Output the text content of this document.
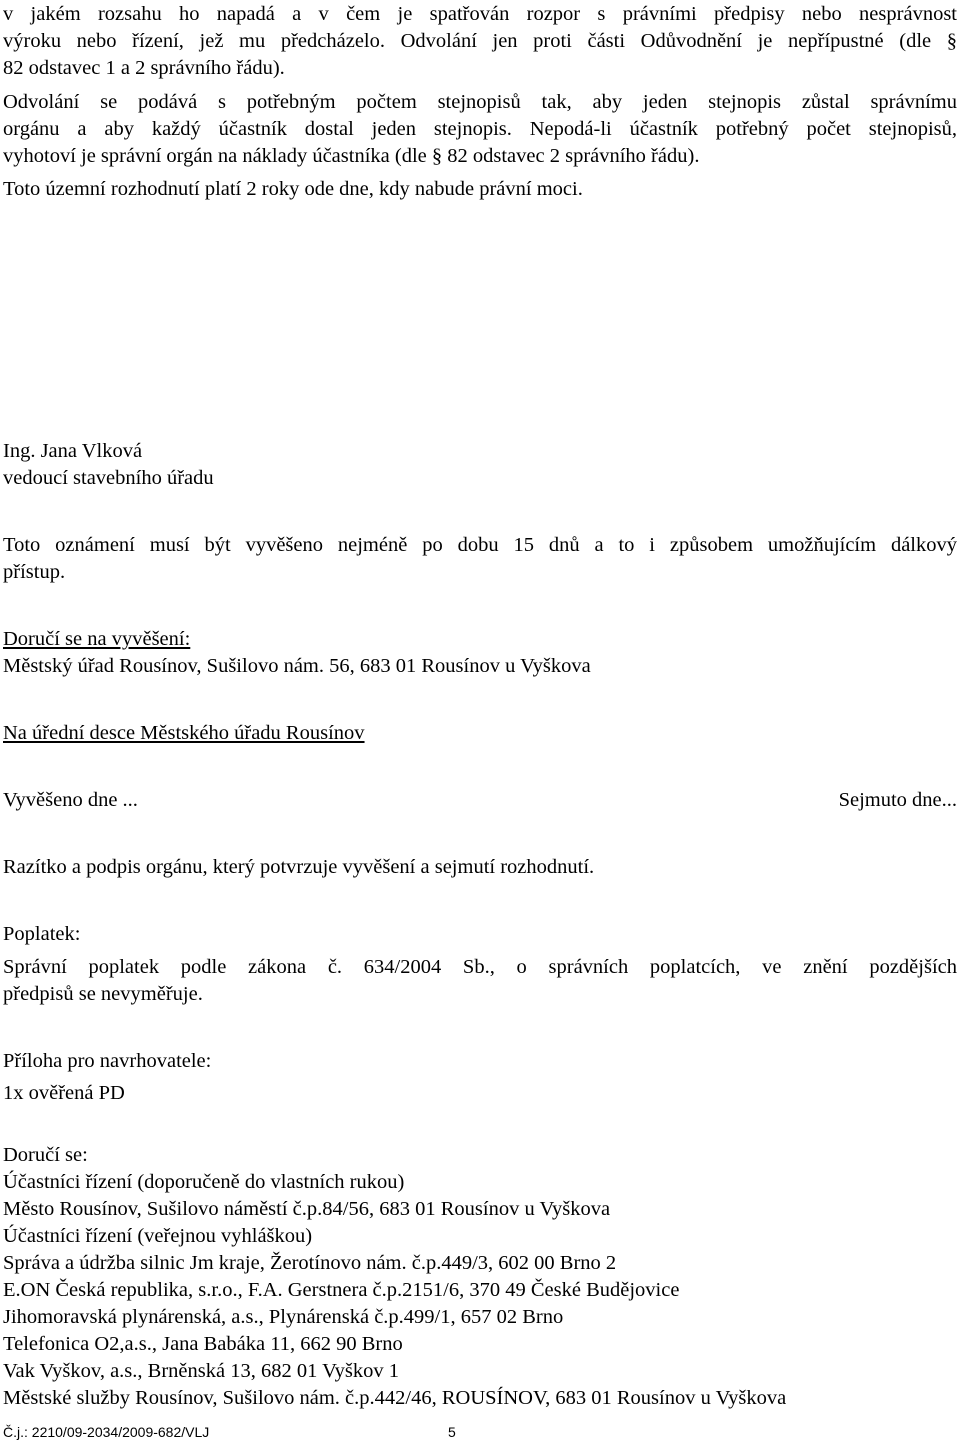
v jakém rozsahu ho napadá a v čem je spatřován rozpor s právními předpisy nebo nesprávnost
výroku nebo řízení, jež mu předcházelo. Odvolání jen proti části Odůvodnění je nepřípustné (dle §
82 odstavec 1 a 2 správního řádu).
Odvolání se podává s potřebným počtem stejnopisů tak, aby jeden stejnopis zůstal správnímu
orgánu a aby každý účastník dostal jeden stejnopis. Nepodá-li účastník potřebný počet stejnopisů,
vyhotoví je správní orgán na náklady účastníka (dle § 82 odstavec 2 správního řádu).
Toto územní rozhodnutí platí 2 roky ode dne, kdy nabude právní moci.
Ing. Jana Vlková
vedoucí stavebního úřadu
Toto oznámení musí být vyvěšeno nejméně po dobu 15 dnů a to i způsobem umožňujícím dálkový
přístup.
Doručí se na vyvěšení:
Městský úřad Rousínov, Sušilovo nám. 56, 683 01 Rousínov u Vyškova
Na úřední desce Městského úřadu Rousínov
Vyvěšeno dne ...	Sejmuto dne...
Razítko a podpis orgánu, který potvrzuje vyvěšení a sejmutí rozhodnutí.
Poplatek:
Správní poplatek podle zákona č. 634/2004 Sb., o správních poplatcích, ve znění pozdějších
předpisů se nevyměřuje.
Příloha pro navrhovatele:
1x ověřená PD
Doručí se:
Účastníci řízení (doporučeně do vlastních rukou)
Město Rousínov, Sušilovo náměstí č.p.84/56, 683 01 Rousínov u Vyškova
Účastníci řízení (veřejnou vyhláškou)
Správa a údržba silnic Jm kraje, Žerotínovo nám. č.p.449/3, 602 00 Brno 2
E.ON Česká republika, s.r.o., F.A. Gerstnera č.p.2151/6, 370 49 České Budějovice
Jihomoravská plynárenská, a.s., Plynárenská č.p.499/1, 657 02 Brno
Telefonica O2,a.s., Jana Babáka 11, 662 90 Brno
Vak Vyškov, a.s., Brněnská 13, 682 01 Vyškov 1
Městské služby Rousínov, Sušilovo nám. č.p.442/46, ROUSÍNOV, 683 01 Rousínov u Vyškova
Č.j.: 2210/09-2034/2009-682/VLJ	5
